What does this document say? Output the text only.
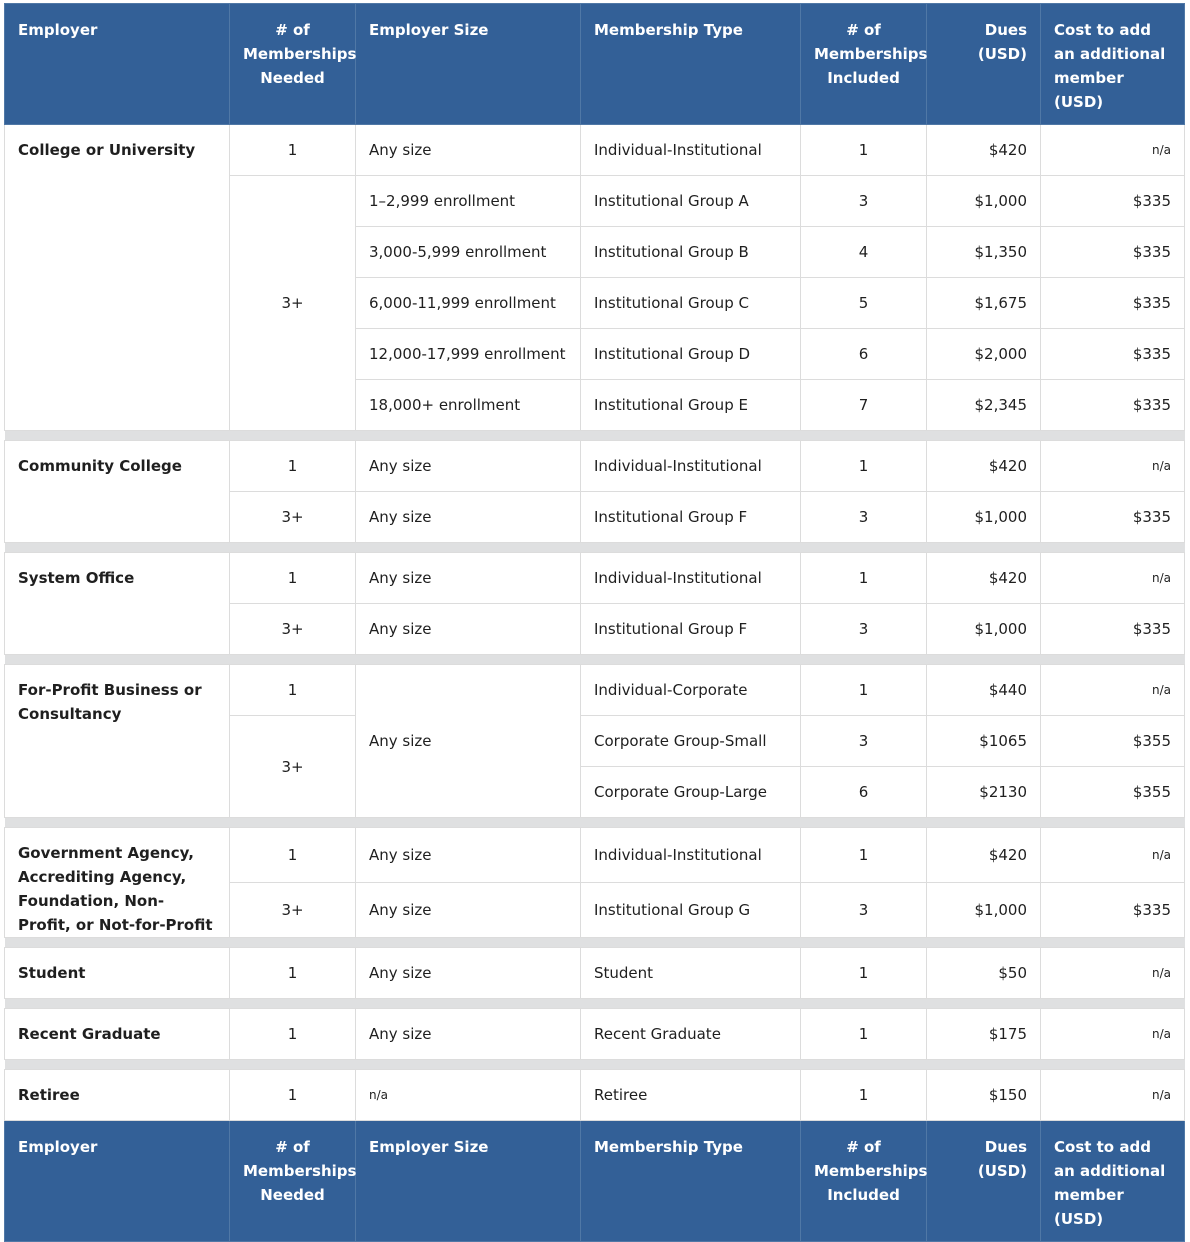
Employer	# of Memberships Needed	Employer Size	Membership Type	# of Memberships Included	Dues (USD)	Cost to add an additional member (USD)
College or University	1	Any size	Individual-Institutional	1	$420	n/a
	3+	1–2,999 enrollment	Institutional Group A	3	$1,000	$335
		3,000-5,999 enrollment	Institutional Group B	4	$1,350	$335
		6,000-11,999 enrollment	Institutional Group C	5	$1,675	$335
		12,000-17,999 enrollment	Institutional Group D	6	$2,000	$335
		18,000+ enrollment	Institutional Group E	7	$2,345	$335

Community College	1	Any size	Individual-Institutional	1	$420	n/a
	3+	Any size	Institutional Group F	3	$1,000	$335

System Office	1	Any size	Individual-Institutional	1	$420	n/a
	3+	Any size	Institutional Group F	3	$1,000	$335

For-Profit Business or Consultancy	1	Any size	Individual-Corporate	1	$440	n/a
	3+		Corporate Group-Small	3	$1065	$355
			Corporate Group-Large	6	$2130	$355

Government Agency, Accrediting Agency, Foundation, Non-Profit, or Not-for-Profit	1	Any size	Individual-Institutional	1	$420	n/a
	3+	Any size	Institutional Group G	3	$1,000	$335

Student	1	Any size	Student	1	$50	n/a

Recent Graduate	1	Any size	Recent Graduate	1	$175	n/a

Retiree	1	n/a	Retiree	1	$150	n/a
Employer	# of Memberships Needed	Employer Size	Membership Type	# of Memberships Included	Dues (USD)	Cost to add an additional member (USD)
